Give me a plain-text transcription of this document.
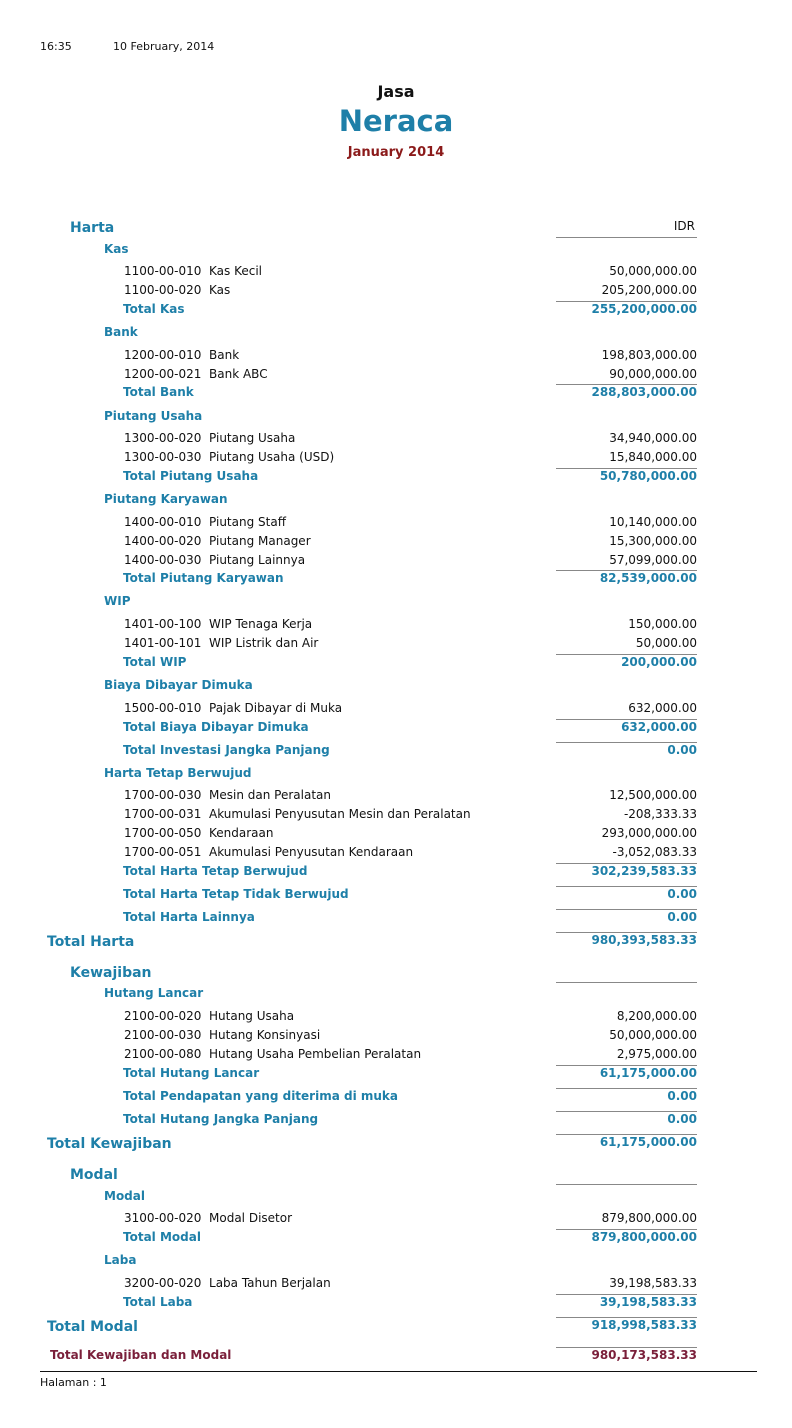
16:35	10 February, 2014
Jasa
Neraca
January 2014
Harta	IDR
Kas
1100-00-010 Kas Kecil	50,000,000.00
1100-00-020 Kas	205,200,000.00
Total Kas	255,200,000.00
Bank
1200-00-010 Bank	198,803,000.00
1200-00-021 Bank ABC	90,000,000.00
Total Bank	288,803,000.00
Piutang Usaha
1300-00-020 Piutang Usaha	34,940,000.00
1300-00-030 Piutang Usaha (USD)	15,840,000.00
Total Piutang Usaha	50,780,000.00
Piutang Karyawan
1400-00-010 Piutang Staff	10,140,000.00
1400-00-020 Piutang Manager	15,300,000.00
1400-00-030 Piutang Lainnya	57,099,000.00
Total Piutang Karyawan	82,539,000.00
WIP
1401-00-100 WIP Tenaga Kerja	150,000.00
1401-00-101 WIP Listrik dan Air	50,000.00
Total WIP	200,000.00
Biaya Dibayar Dimuka
1500-00-010 Pajak Dibayar di Muka	632,000.00
Total Biaya Dibayar Dimuka	632,000.00
Total Investasi Jangka Panjang	0.00
Harta Tetap Berwujud
1700-00-030 Mesin dan Peralatan	12,500,000.00
1700-00-031 Akumulasi Penyusutan Mesin dan Peralatan	-208,333.33
1700-00-050 Kendaraan	293,000,000.00
1700-00-051 Akumulasi Penyusutan Kendaraan	-3,052,083.33
Total Harta Tetap Berwujud	302,239,583.33
Total Harta Tetap Tidak Berwujud	0.00
Total Harta Lainnya	0.00
Total Harta	980,393,583.33
Kewajiban
Hutang Lancar
2100-00-020 Hutang Usaha	8,200,000.00
2100-00-030 Hutang Konsinyasi	50,000,000.00
2100-00-080 Hutang Usaha Pembelian Peralatan	2,975,000.00
Total Hutang Lancar	61,175,000.00
Total Pendapatan yang diterima di muka	0.00
Total Hutang Jangka Panjang	0.00
Total Kewajiban	61,175,000.00
Modal
Modal
3100-00-020 Modal Disetor	879,800,000.00
Total Modal	879,800,000.00
Laba
3200-00-020 Laba Tahun Berjalan	39,198,583.33
Total Laba	39,198,583.33
Total Modal	918,998,583.33
Total Kewajiban dan Modal	980,173,583.33
Halaman : 1
